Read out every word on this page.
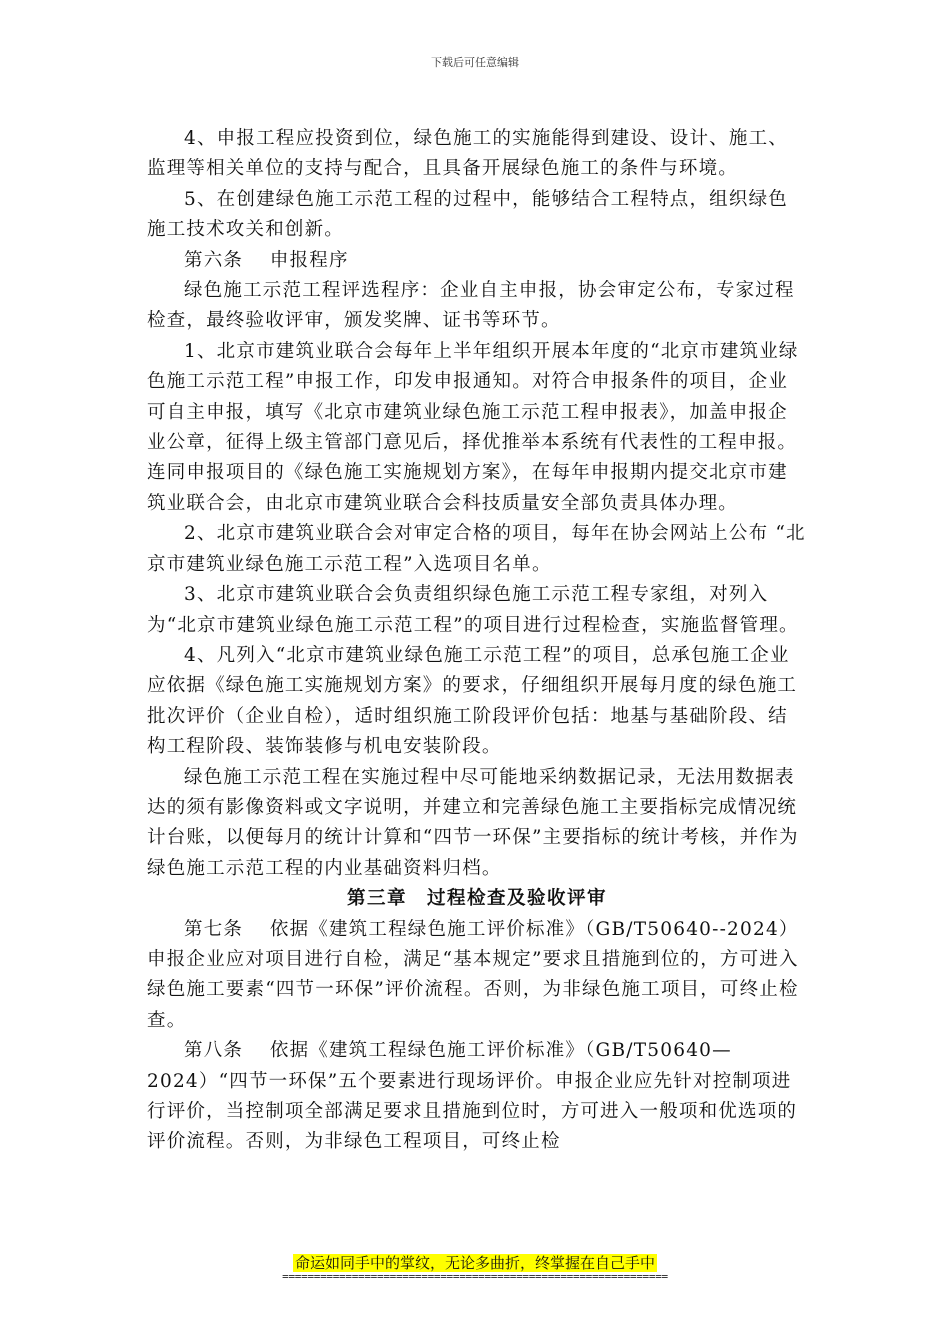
下载后可任意编辑

4、申报工程应投资到位，绿色施工的实施能得到建设、设计、施工、监理等相关单位的支持与配合，且具备开展绿色施工的条件与环境。

5、在创建绿色施工示范工程的过程中，能够结合工程特点，组织绿色施工技术攻关和创新。

第六条　 申报程序

绿色施工示范工程评选程序：企业自主申报，协会审定公布，专家过程检查，最终验收评审，颁发奖牌、证书等环节。

1、北京市建筑业联合会每年上半年组织开展本年度的“北京市建筑业绿色施工示范工程”申报工作，印发申报通知。对符合申报条件的项目，企业可自主申报，填写《北京市建筑业绿色施工示范工程申报表》，加盖申报企业公章，征得上级主管部门意见后，择优推举本系统有代表性的工程申报。连同申报项目的《绿色施工实施规划方案》，在每年申报期内提交北京市建筑业联合会，由北京市建筑业联合会科技质量安全部负责具体办理。

2、北京市建筑业联合会对审定合格的项目，每年在协会网站上公布 “北京市建筑业绿色施工示范工程”入选项目名单。

3、北京市建筑业联合会负责组织绿色施工示范工程专家组，对列入为“北京市建筑业绿色施工示范工程”的项目进行过程检查，实施监督管理。

4、凡列入“北京市建筑业绿色施工示范工程”的项目，总承包施工企业应依据《绿色施工实施规划方案》的要求，仔细组织开展每月度的绿色施工批次评价（企业自检），适时组织施工阶段评价包括：地基与基础阶段、结构工程阶段、装饰装修与机电安装阶段。

绿色施工示范工程在实施过程中尽可能地采纳数据记录，无法用数据表达的须有影像资料或文字说明，并建立和完善绿色施工主要指标完成情况统计台账，以便每月的统计计算和“四节一环保”主要指标的统计考核，并作为绿色施工示范工程的内业基础资料归档。

第三章　过程检查及验收评审

第七条　 依据《建筑工程绿色施工评价标准》（GB/T50640--2024）申报企业应对项目进行自检，满足“基本规定”要求且措施到位的，方可进入绿色施工要素“四节一环保”评价流程。否则，为非绿色施工项目，可终止检查。

第八条　 依据《建筑工程绿色施工评价标准》（GB/T50640—2024）“四节一环保”五个要素进行现场评价。申报企业应先针对控制项进行评价，当控制项全部满足要求且措施到位时，方可进入一般项和优选项的评价流程。否则，为非绿色工程项目，可终止检

命运如同手中的掌纹，无论多曲折，终掌握在自己手中
=============================================================
